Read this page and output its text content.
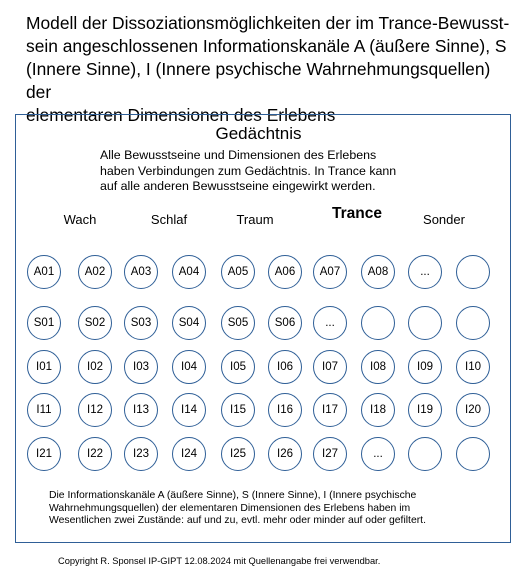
Modell der Dissoziationsmöglichkeiten der im Trance-Bewusst-
sein angeschlossenen Informationskanäle A (äußere Sinne), S
(Innere Sinne), I (Innere psychische Wahrnehmungsquellen) der
elementaren Dimensionen des Erlebens
Gedächtnis
Alle Bewusstseine und Dimensionen des Erlebens
haben Verbindungen zum Gedächtnis. In Trance kann
auf alle anderen Bewusstseine eingewirkt werden.
Wach	Schlaf	Traum	Trance	Sonder
A01	A02	A03	A04	A05	A06	A07	A08	...
S01	S02	S03	S04	S05	S06	...
I01	I02	I03	I04	I05	I06	I07	I08	I09	I10
I11	I12	I13	I14	I15	I16	I17	I18	I19	I20
I21	I22	I23	I24	I25	I26	I27	...
Die Informationskanäle A (äußere Sinne), S (Innere Sinne), I (Innere psychische
Wahrnehmungsquellen) der elementaren Dimensionen des Erlebens haben im
Wesentlichen zwei Zustände: auf und zu, evtl. mehr oder minder auf oder gefiltert.
Copyright R. Sponsel IP-GIPT 12.08.2024 mit Quellenangabe frei verwendbar.
